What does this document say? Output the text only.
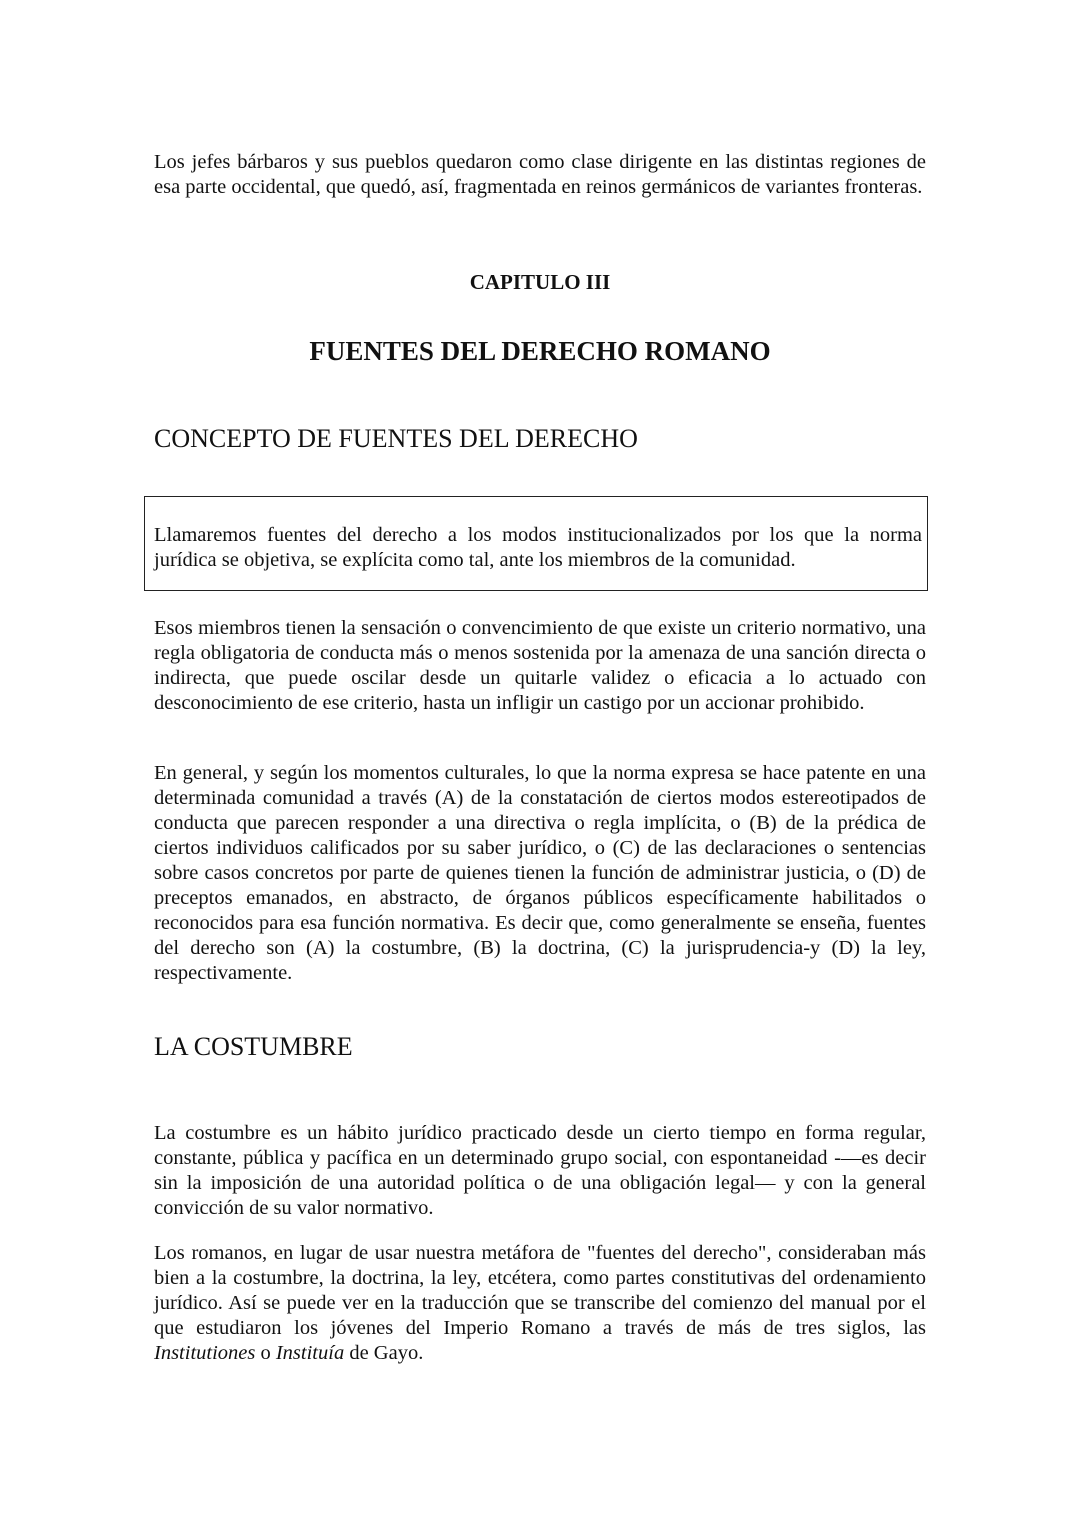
Los jefes bárbaros y sus pueblos quedaron como clase dirigente en las distintas regiones de esa parte occidental, que quedó, así, fragmentada en reinos germánicos de variantes fronteras.

CAPITULO III
FUENTES DEL DERECHO ROMANO
CONCEPTO DE FUENTES DEL DERECHO

Llamaremos fuentes del derecho a los modos institucionalizados por los que la norma jurídica se objetiva, se explícita como tal, ante los miembros de la comunidad.

Esos miembros tienen la sensación o convencimiento de que existe un criterio normativo, una regla obligatoria de conducta más o menos sostenida por la amenaza de una sanción directa o indirecta, que puede oscilar desde un quitarle validez o eficacia a lo actuado con desconocimiento de ese criterio, hasta un infligir un castigo por un accionar prohibido.

En general, y según los momentos culturales, lo que la norma expresa se hace patente en una determinada comunidad a través (A) de la constatación de ciertos modos estereotipados de conducta que parecen responder a una directiva o regla implícita, o (B) de la prédica de ciertos individuos calificados por su saber jurídico, o (C) de las declaraciones o sentencias sobre casos concretos por parte de quienes tienen la función de administrar justicia, o (D) de preceptos emanados, en abstracto, de órganos públicos específicamente habilitados o reconocidos para esa función normativa. Es decir que, como generalmente se enseña, fuentes del derecho son (A) la costumbre, (B) la doctrina, (C) la jurisprudencia-y (D) la ley, respectivamente.

LA COSTUMBRE

La costumbre es un hábito jurídico practicado desde un cierto tiempo en forma regular, constante, pública y pacífica en un determinado grupo social, con espontaneidad -—es decir sin la imposición de una autoridad política o de una obligación legal— y con la general convicción de su valor normativo.

Los romanos, en lugar de usar nuestra metáfora de "fuentes del derecho", consideraban más bien a la costumbre, la doctrina, la ley, etcétera, como partes constitutivas del ordenamiento jurídico. Así se puede ver en la traducción que se transcribe del comienzo del manual por el que estudiaron los jóvenes del Imperio Romano a través de más de tres siglos, las Institutiones o Instituía de Gayo.
